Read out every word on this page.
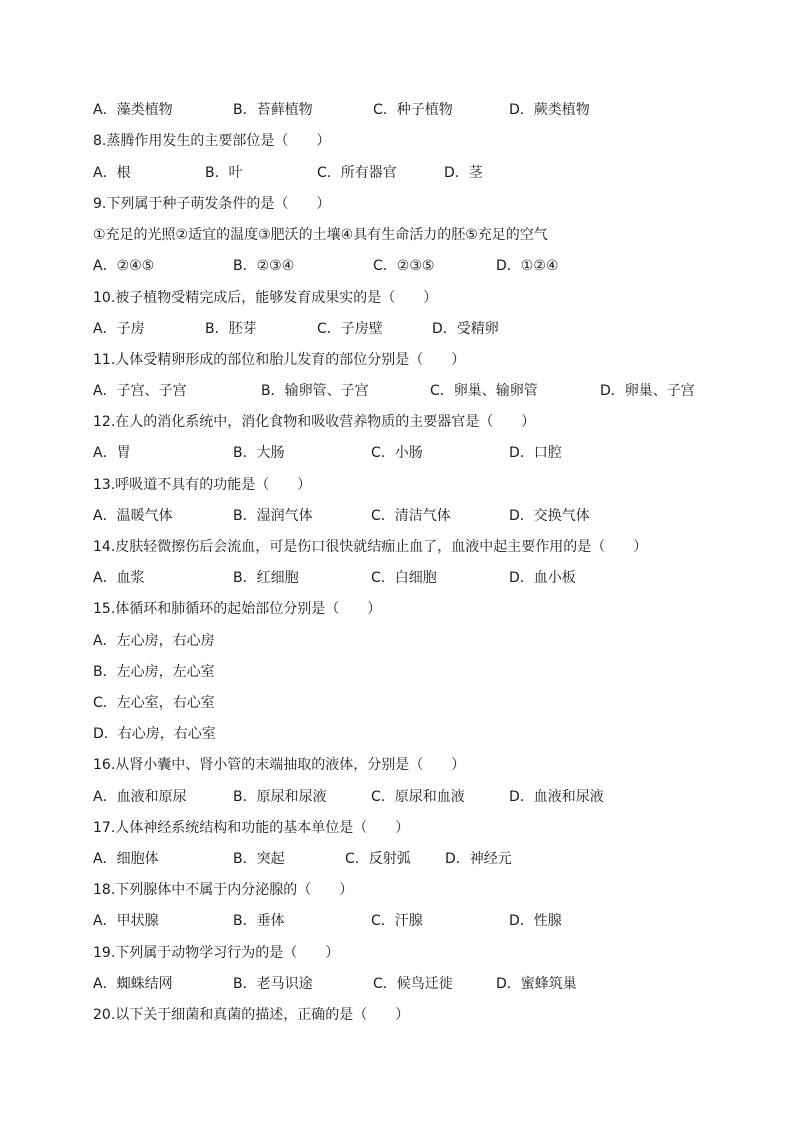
A．藻类植物	B．苔藓植物	C．种子植物	D．蕨类植物
8.蒸腾作用发生的主要部位是（　　）
A．根	B．叶	C．所有器官	D．茎
9.下列属于种子萌发条件的是（　　）
①充足的光照②适宜的温度③肥沃的土壤④具有生命活力的胚⑤充足的空气
A．②④⑤	B．②③④	C．②③⑤	D．①②④
10.被子植物受精完成后，能够发育成果实的是（　　）
A．子房	B．胚芽	C．子房壁	D．受精卵
11.人体受精卵形成的部位和胎儿发育的部位分别是（　　）
A．子宫、子宫	B．输卵管、子宫	C．卵巢、输卵管	D．卵巢、子宫
12.在人的消化系统中，消化食物和吸收营养物质的主要器官是（　　）
A．胃	B．大肠	C．小肠	D．口腔
13.呼吸道不具有的功能是（　　）
A．温暖气体	B．湿润气体	C．清洁气体	D．交换气体
14.皮肤轻微擦伤后会流血，可是伤口很快就结痂止血了，血液中起主要作用的是（　　）
A．血浆	B．红细胞	C．白细胞	D．血小板
15.体循环和肺循环的起始部位分别是（　　）
A．左心房，右心房
B．左心房，左心室
C．左心室，右心室
D．右心房，右心室
16.从肾小囊中、肾小管的末端抽取的液体，分别是（　　）
A．血液和原尿	B．原尿和尿液	C．原尿和血液	D．血液和尿液
17.人体神经系统结构和功能的基本单位是（　　）
A．细胞体	B．突起	C．反射弧 D．神经元
18.下列腺体中不属于内分泌腺的（　　）
A．甲状腺	B．垂体	C．汗腺	D．性腺
19.下列属于动物学习行为的是（　　）
A．蜘蛛结网	B．老马识途	C．候鸟迁徙	D．蜜蜂筑巢
20.以下关于细菌和真菌的描述，正确的是（　　）
